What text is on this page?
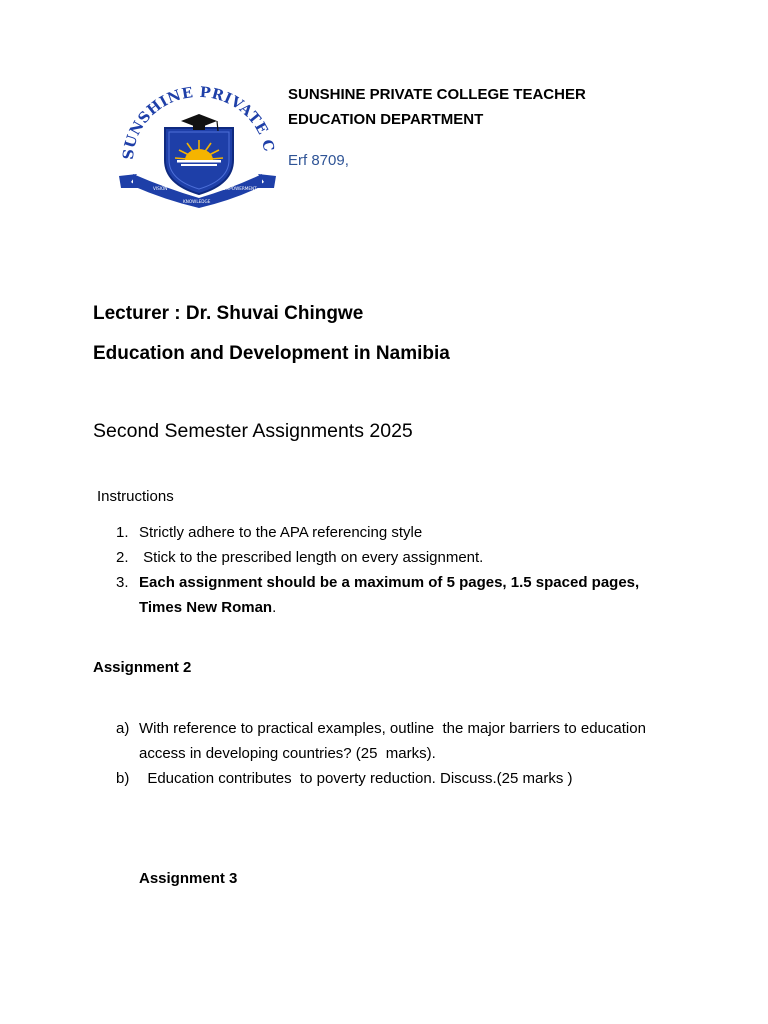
SUNSHINE PRIVATE C
VISION
KNOWLEDGE
EMPOWERMENT
SUNSHINE PRIVATE COLLEGE TEACHER
EDUCATION DEPARTMENT
Erf 8709,
Lecturer : Dr. Shuvai Chingwe
Education and Development in Namibia
Second Semester Assignments 2025
Instructions
1. Strictly adhere to the APA referencing style
2. Stick to the prescribed length on every assignment.
3. Each assignment should be a maximum of 5 pages, 1.5 spaced pages, Times New Roman.
Assignment 2
a) With reference to practical examples, outline  the major barriers to education access in developing countries? (25  marks).
b) Education contributes  to poverty reduction. Discuss.(25 marks )
Assignment 3
